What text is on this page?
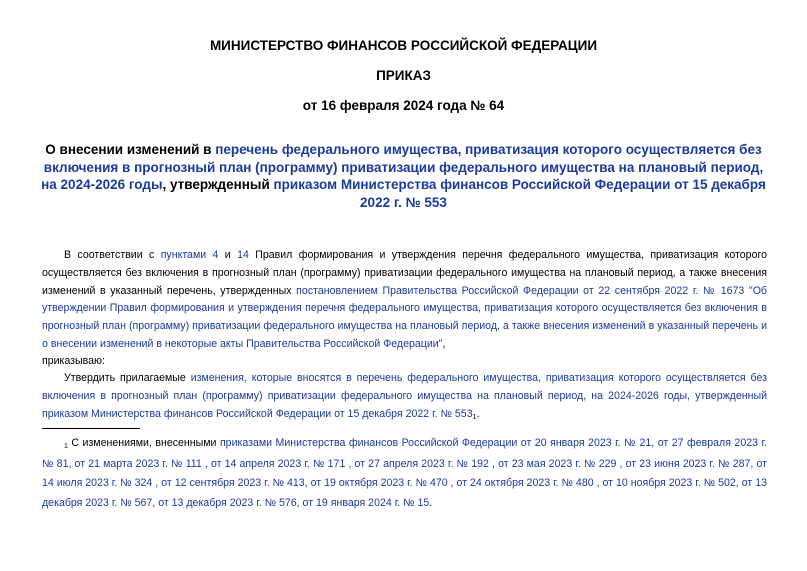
МИНИСТЕРСТВО ФИНАНСОВ РОССИЙСКОЙ ФЕДЕРАЦИИ
ПРИКАЗ
от 16 февраля 2024 года № 64
О внесении изменений в перечень федерального имущества, приватизация которого осуществляется без включения в прогнозный план (программу) приватизации федерального имущества на плановый период, на 2024-2026 годы, утвержденный приказом Министерства финансов Российской Федерации от 15 декабря 2022 г. № 553
В соответствии с пунктами 4 и 14 Правил формирования и утверждения перечня федерального имущества, приватизация которого осуществляется без включения в прогнозный план (программу) приватизации федерального имущества на плановый период, а также внесения изменений в указанный перечень, утвержденных постановлением Правительства Российской Федерации от 22 сентября 2022 г. № 1673 "Об утверждении Правил формирования и утверждения перечня федерального имущества, приватизация которого осуществляется без включения в прогнозный план (программу) приватизации федерального имущества на плановый период, а также внесения изменений в указанный перечень и о внесении изменений в некоторые акты Правительства Российской Федерации",
приказываю:
Утвердить прилагаемые изменения, которые вносятся в перечень федерального имущества, приватизация которого осуществляется без включения в прогнозный план (программу) приватизации федерального имущества на плановый период, на 2024-2026 годы, утвержденный приказом Министерства финансов Российской Федерации от 15 декабря 2022 г. № $553^1$.
$^1$ С изменениями, внесенными приказами Министерства финансов Российской Федерации от 20 января 2023 г. № 21, от 27 февраля 2023 г. № 81, от 21 марта 2023 г. № 111 , от 14 апреля 2023 г. № 171 , от 27 апреля 2023 г. № 192 , от 23 мая 2023 г. № 229 , от 23 июня 2023 г. № 287, от 14 июля 2023 г. № 324 , от 12 сентября 2023 г. № 413, от 19 октября 2023 г. № 470 , от 24 октября 2023 г. № 480 , от 10 ноября 2023 г. № 502, от 13 декабря 2023 г. № 567, от 13 декабря 2023 г. № 576, от 19 января 2024 г. № 15.
